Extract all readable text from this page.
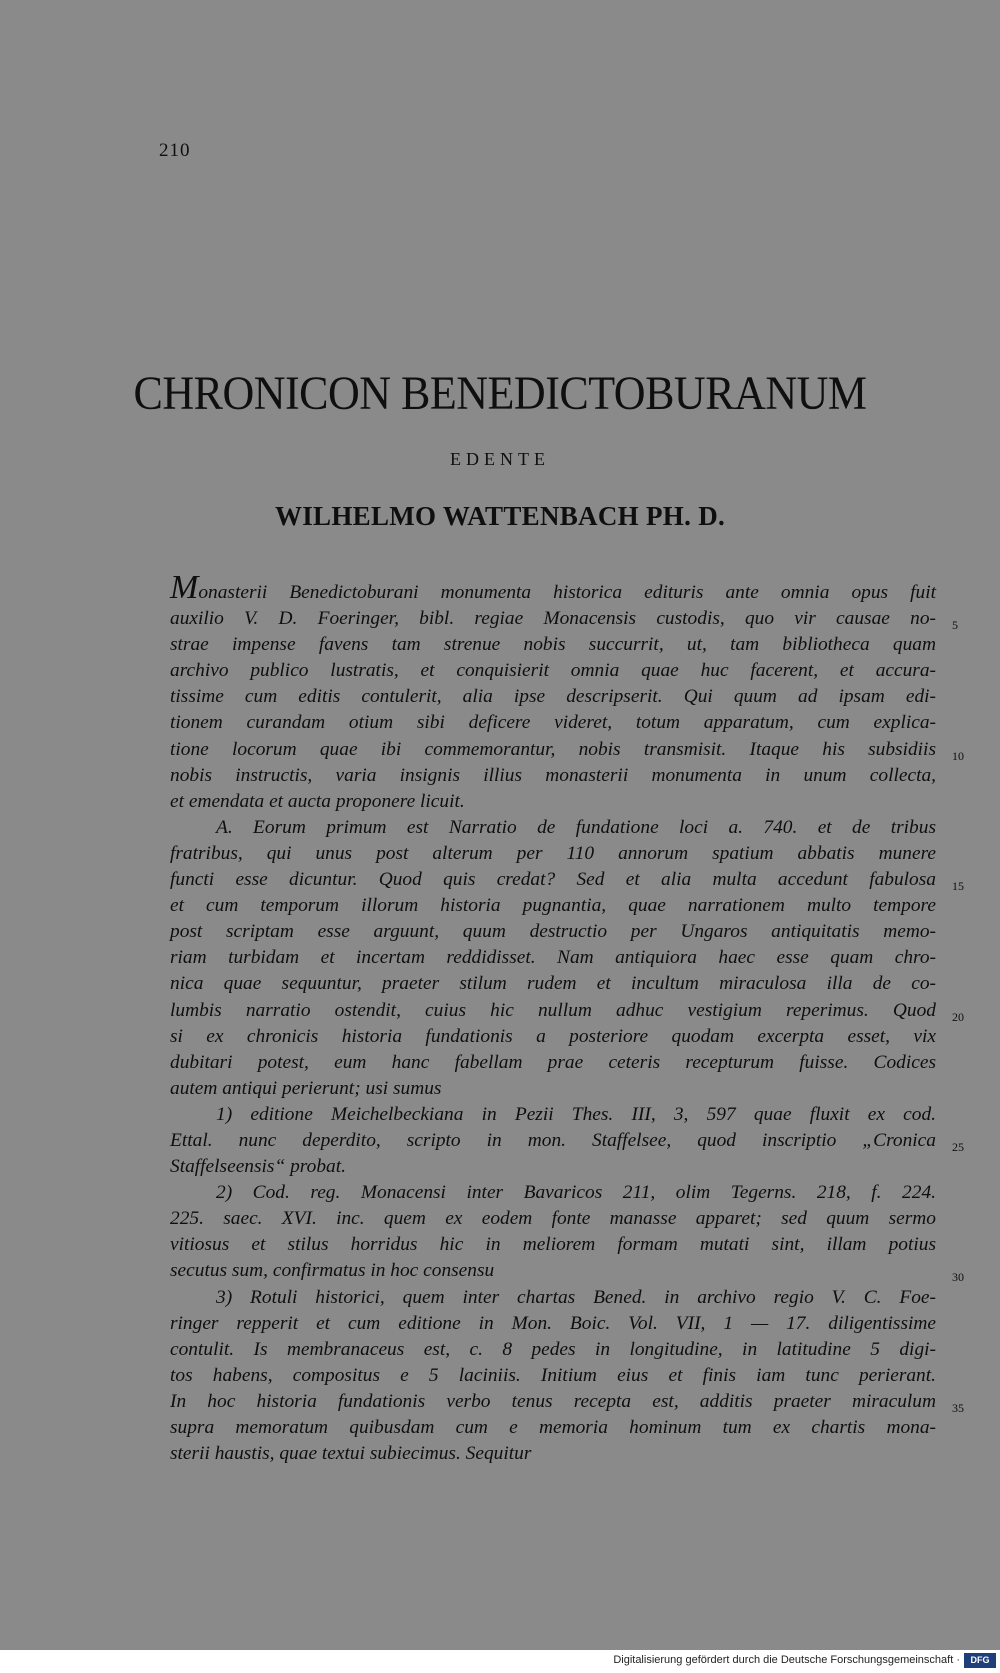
210
CHRONICON BENEDICTOBURANUM
EDENTE
WILHELMO WATTENBACH PH. D.
Monasterii Benedictoburani monumenta historica edituris ante omnia opus fuit
auxilio V. D. Foeringer, bibl. regiae Monacensis custodis, quo vir causae no- 5
strae impense favens tam strenue nobis succurrit, ut, tam bibliotheca quam
archivo publico lustratis, et conquisierit omnia quae huc facerent, et accura-
tissime cum editis contulerit, alia ipse descripserit. Qui quum ad ipsam edi-
tionem curandam otium sibi deficere videret, totum apparatum, cum explica-
tione locorum quae ibi commemorantur, nobis transmisit. Itaque his subsidiis 10
nobis instructis, varia insignis illius monasterii monumenta in unum collecta,
et emendata et aucta proponere licuit.
A. Eorum primum est Narratio de fundatione loci a. 740. et de tribus
fratribus, qui unus post alterum per 110 annorum spatium abbatis munere
functi esse dicuntur. Quod quis credat? Sed et alia multa accedunt fabulosa 15
et cum temporum illorum historia pugnantia, quae narrationem multo tempore
post scriptam esse arguunt, quum destructio per Ungaros antiquitatis memo-
riam turbidam et incertam reddidisset. Nam antiquiora haec esse quam chro-
nica quae sequuntur, praeter stilum rudem et incultum miraculosa illa de co-
lumbis narratio ostendit, cuius hic nullum adhuc vestigium reperimus. Quod 20
si ex chronicis historia fundationis a posteriore quodam excerpta esset, vix
dubitari potest, eum hanc fabellam prae ceteris recepturum fuisse. Codices
autem antiqui perierunt; usi sumus
1) editione Meichelbeckiana in Pezii Thes. III, 3, 597 quae fluxit ex cod.
Ettal. nunc deperdito, scripto in mon. Staffelsee, quod inscriptio „Cronica 25
Staffelseensis“ probat.
2) Cod. reg. Monacensi inter Bavaricos 211, olim Tegerns. 218, f. 224.
225. saec. XVI. inc. quem ex eodem fonte manasse apparet; sed quum sermo
vitiosus et stilus horridus hic in meliorem formam mutati sint, illam potius
secutus sum, confirmatus in hoc consensu	30
3) Rotuli historici, quem inter chartas Bened. in archivo regio V. C. Foe-
ringer repperit et cum editione in Mon. Boic. Vol. VII, 1 — 17. diligentissime
contulit. Is membranaceus est, c. 8 pedes in longitudine, in latitudine 5 digi-
tos habens, compositus e 5 laciniis. Initium eius et finis iam tunc perierant.
In hoc historia fundationis verbo tenus recepta est, additis praeter miraculum 35
supra memoratum quibusdam cum e memoria hominum tum ex chartis mona-
sterii haustis, quae textui subiecimus. Sequitur
Digitalisierung gefördert durch die Deutsche Forschungsgemeinschaft ·	DFG
